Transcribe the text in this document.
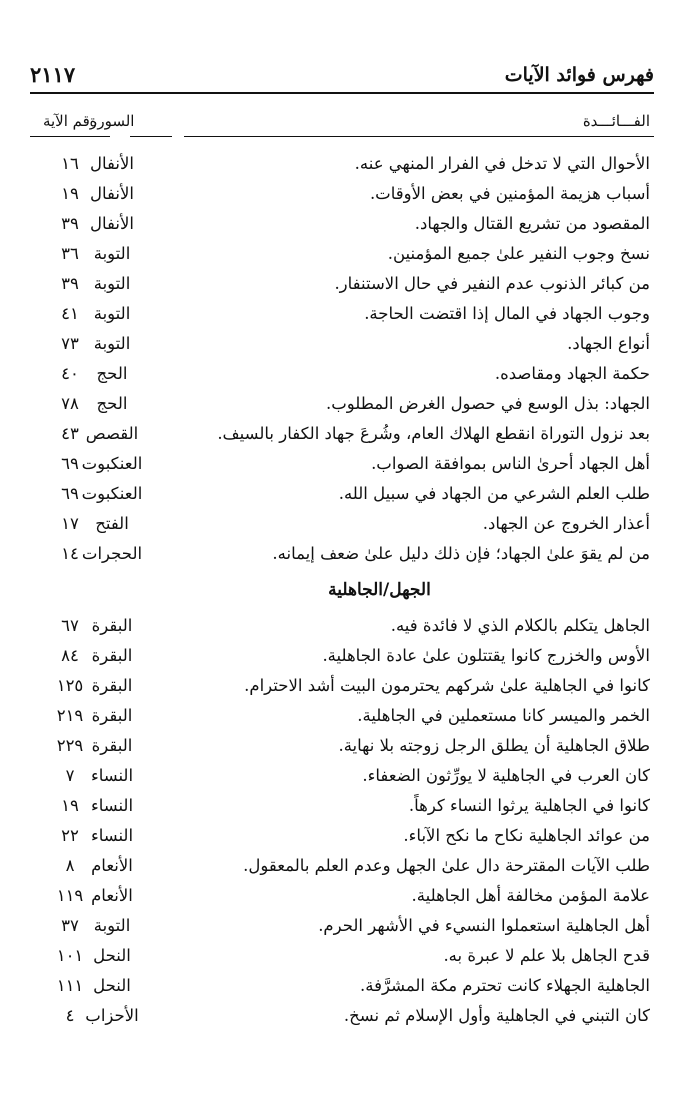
فهرس فوائد الآيات
٢١١٧
الفـــائـــدة
السورة
رقم الآية
الأحوال التي لا تدخل في الفرار المنهي عنه.
الأنفال
١٦
أسباب هزيمة المؤمنين في بعض الأوقات.
الأنفال
١٩
المقصود من تشريع القتال والجهاد.
الأنفال
٣٩
نسخ وجوب النفير علىٰ جميع المؤمنين.
التوبة
٣٦
من كبائر الذنوب عدم النفير في حال الاستنفار.
التوبة
٣٩
وجوب الجهاد في المال إذا اقتضت الحاجة.
التوبة
٤١
أنواع الجهاد.
التوبة
٧٣
حكمة الجهاد ومقاصده.
الحج
٤٠
الجهاد: بذل الوسع في حصول الغرض المطلوب.
الحج
٧٨
بعد نزول التوراة انقطع الهلاك العام، وشُرعَ جهاد الكفار بالسيف.
القصص
٤٣
أهل الجهاد أحرىٰ الناس بموافقة الصواب.
العنكبوت
٦٩
طلب العلم الشرعي من الجهاد في سبيل الله.
العنكبوت
٦٩
أعذار الخروج عن الجهاد.
الفتح
١٧
من لم يقوَ علىٰ الجهاد؛ فإن ذلك دليل علىٰ ضعف إيمانه.
الحجرات
١٤
الجهل/الجاهلية
الجاهل يتكلم بالكلام الذي لا فائدة فيه.
البقرة
٦٧
الأوس والخزرج كانوا يقتتلون علىٰ عادة الجاهلية.
البقرة
٨٤
كانوا في الجاهلية علىٰ شركهم يحترمون البيت أشد الاحترام.
البقرة
١٢٥
الخمر والميسر كانا مستعملين في الجاهلية.
البقرة
٢١٩
طلاق الجاهلية أن يطلق الرجل زوجته بلا نهاية.
البقرة
٢٢٩
كان العرب في الجاهلية لا يورِّثون الضعفاء.
النساء
٧
كانوا في الجاهلية يرثوا النساء كرهاً.
النساء
١٩
من عوائد الجاهلية نكاح ما نكح الآباء.
النساء
٢٢
طلب الآيات المقترحة دال علىٰ الجهل وعدم العلم بالمعقول.
الأنعام
٨
علامة المؤمن مخالفة أهل الجاهلية.
الأنعام
١١٩
أهل الجاهلية استعملوا النسيء في الأشهر الحرم.
التوبة
٣٧
قدح الجاهل بلا علم لا عبرة به.
النحل
١٠١
الجاهلية الجهلاء كانت تحترم مكة المشرَّفة.
النحل
١١١
كان التبني في الجاهلية وأول الإسلام ثم نسخ.
الأحزاب
٤
